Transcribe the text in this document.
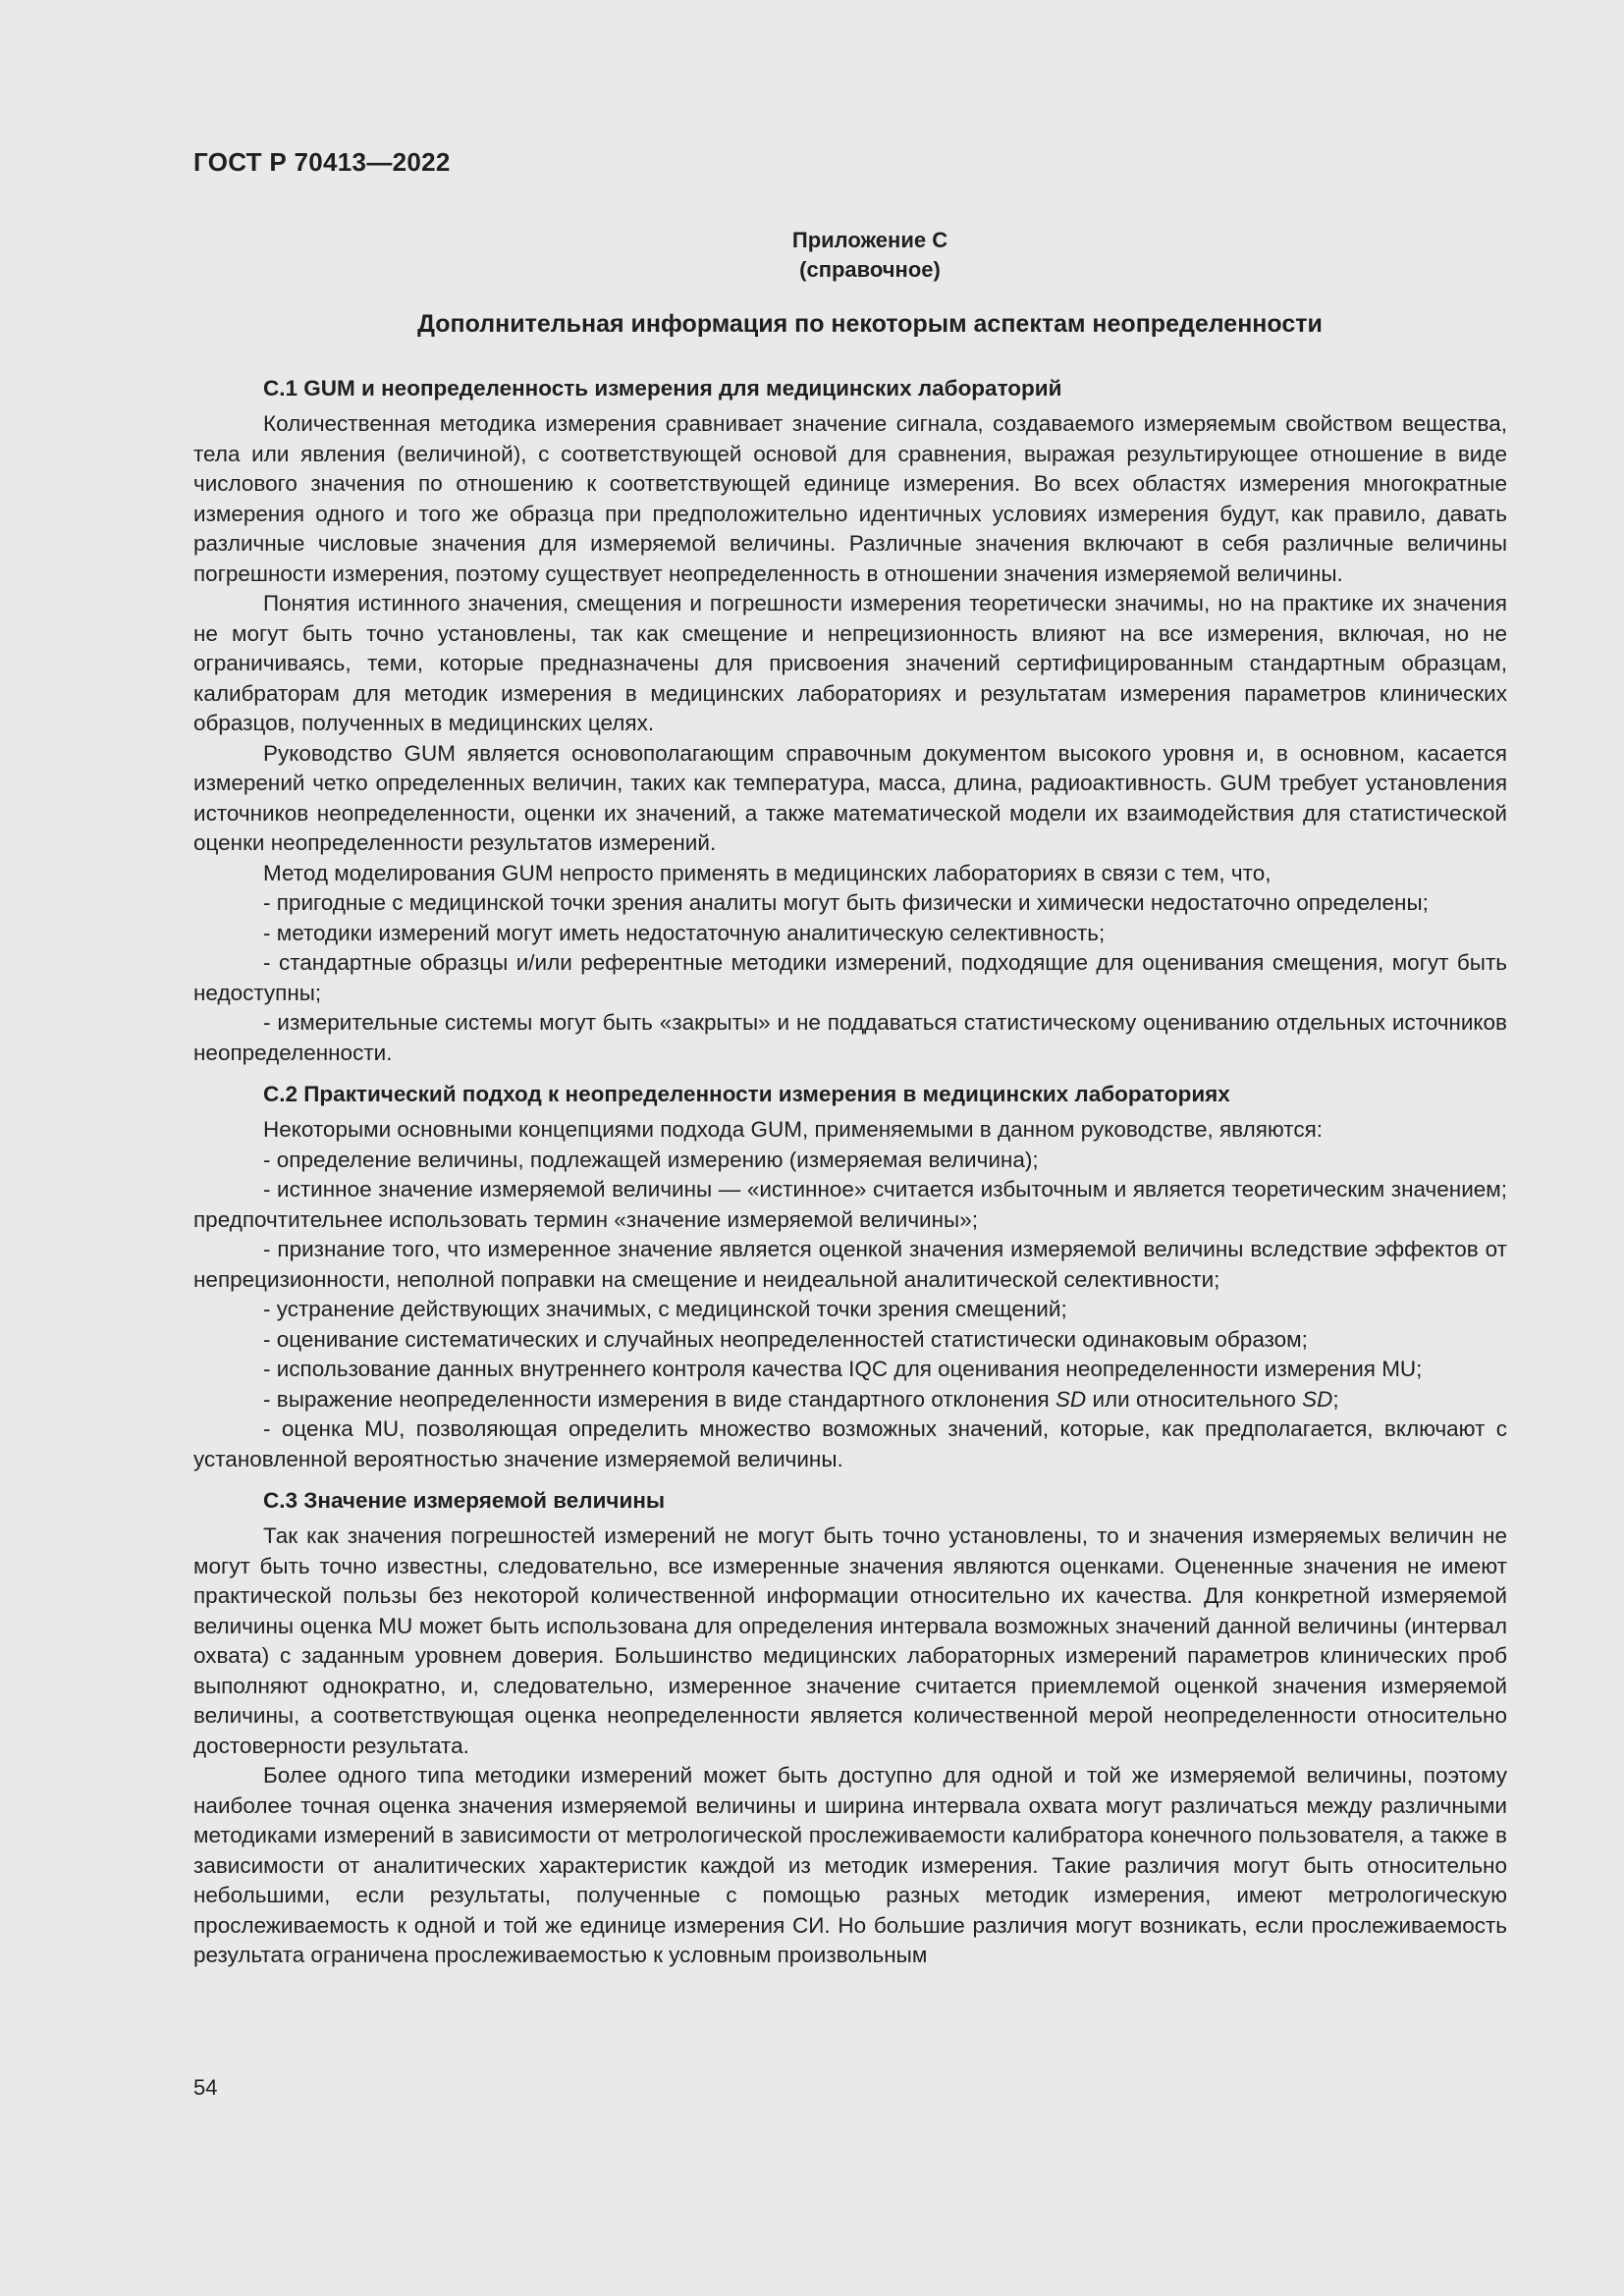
ГОСТ Р 70413—2022
Приложение С
(справочное)
Дополнительная информация по некоторым аспектам неопределенности
С.1 GUM и неопределенность измерения для медицинских лабораторий

Количественная методика измерения сравнивает значение сигнала, создаваемого измеряемым свойством вещества, тела или явления (величиной), с соответствующей основой для сравнения, выражая результирующее отношение в виде числового значения по отношению к соответствующей единице измерения. Во всех областях измерения многократные измерения одного и того же образца при предположительно идентичных условиях измерения будут, как правило, давать различные числовые значения для измеряемой величины. Различные значения включают в себя различные величины погрешности измерения, поэтому существует неопределенность в отношении значения измеряемой величины.

Понятия истинного значения, смещения и погрешности измерения теоретически значимы, но на практике их значения не могут быть точно установлены, так как смещение и непрецизионность влияют на все измерения, включая, но не ограничиваясь, теми, которые предназначены для присвоения значений сертифицированным стандартным образцам, калибраторам для методик измерения в медицинских лабораториях и результатам измерения параметров клинических образцов, полученных в медицинских целях.

Руководство GUM является основополагающим справочным документом высокого уровня и, в основном, касается измерений четко определенных величин, таких как температура, масса, длина, радиоактивность. GUM требует установления источников неопределенности, оценки их значений, а также математической модели их взаимодействия для статистической оценки неопределенности результатов измерений.

Метод моделирования GUM непросто применять в медицинских лабораториях в связи с тем, что,

- пригодные с медицинской точки зрения аналиты могут быть физически и химически недостаточно определены;

- методики измерений могут иметь недостаточную аналитическую селективность;

- стандартные образцы и/или референтные методики измерений, подходящие для оценивания смещения, могут быть недоступны;

- измерительные системы могут быть «закрыты» и не поддаваться статистическому оцениванию отдельных источников неопределенности.

С.2 Практический подход к неопределенности измерения в медицинских лабораториях

Некоторыми основными концепциями подхода GUM, применяемыми в данном руководстве, являются:

- определение величины, подлежащей измерению (измеряемая величина);

- истинное значение измеряемой величины — «истинное» считается избыточным и является теоретическим значением; предпочтительнее использовать термин «значение измеряемой величины»;

- признание того, что измеренное значение является оценкой значения измеряемой величины вследствие эффектов от непрецизионности, неполной поправки на смещение и неидеальной аналитической селективности;

- устранение действующих значимых, с медицинской точки зрения смещений;

- оценивание систематических и случайных неопределенностей статистически одинаковым образом;

- использование данных внутреннего контроля качества IQC для оценивания неопределенности измерения MU;

- выражение неопределенности измерения в виде стандартного отклонения SD или относительного SD;

- оценка MU, позволяющая определить множество возможных значений, которые, как предполагается, включают с установленной вероятностью значение измеряемой величины.

С.3 Значение измеряемой величины

Так как значения погрешностей измерений не могут быть точно установлены, то и значения измеряемых величин не могут быть точно известны, следовательно, все измеренные значения являются оценками. Оцененные значения не имеют практической пользы без некоторой количественной информации относительно их качества. Для конкретной измеряемой величины оценка MU может быть использована для определения интервала возможных значений данной величины (интервал охвата) с заданным уровнем доверия. Большинство медицинских лабораторных измерений параметров клинических проб выполняют однократно, и, следовательно, измеренное значение считается приемлемой оценкой значения измеряемой величины, а соответствующая оценка неопределенности является количественной мерой неопределенности относительно достоверности результата.

Более одного типа методики измерений может быть доступно для одной и той же измеряемой величины, поэтому наиболее точная оценка значения измеряемой величины и ширина интервала охвата могут различаться между различными методиками измерений в зависимости от метрологической прослеживаемости калибратора конечного пользователя, а также в зависимости от аналитических характеристик каждой из методик измерения. Такие различия могут быть относительно небольшими, если результаты, полученные с помощью разных методик измерения, имеют метрологическую прослеживаемость к одной и той же единице измерения СИ. Но большие различия могут возникать, если прослеживаемость результата ограничена прослеживаемостью к условным произвольным

54
